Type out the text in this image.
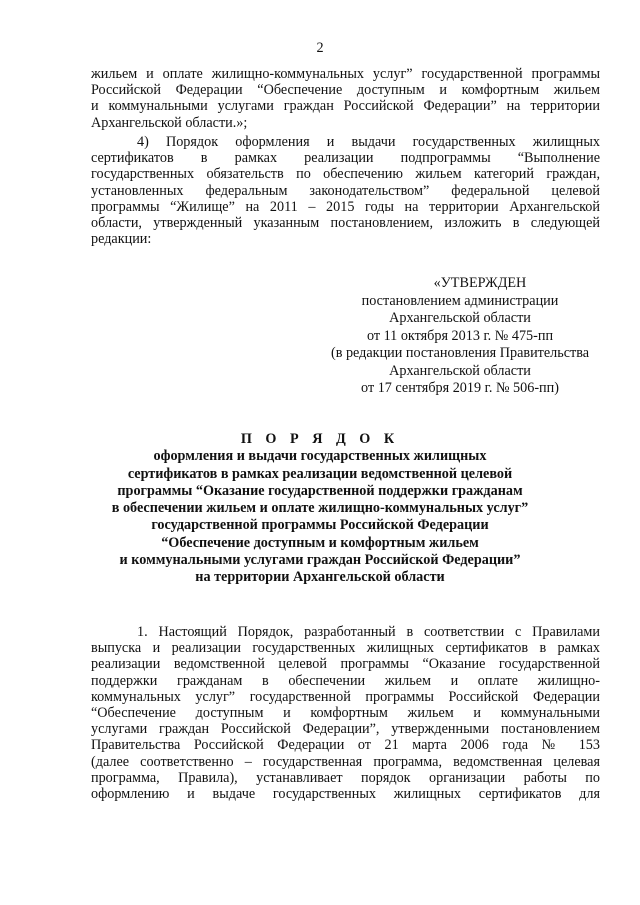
2
жильем и оплате жилищно-коммунальных услуг” государственной программы
Российской Федерации “Обеспечение доступным и комфортным жильем
и коммунальными услугами граждан Российской Федерации” на территории
Архангельской области.»;
4) Порядок оформления и выдачи государственных жилищных
сертификатов в рамках реализации подпрограммы “Выполнение
государственных обязательств по обеспечению жильем категорий граждан,
установленных федеральным законодательством” федеральной целевой
программы “Жилище” на 2011 – 2015 годы на территории Архангельской
области, утвержденный указанным постановлением, изложить в следующей
редакции:
«УТВЕРЖДЕН
постановлением администрации
Архангельской области
от 11 октября 2013 г. № 475-пп
(в редакции постановления Правительства
Архангельской области
от 17 сентября 2019 г. № 506-пп)
П О Р Я Д О К
оформления и выдачи государственных жилищных
сертификатов в рамках реализации ведомственной целевой
программы “Оказание государственной поддержки гражданам
в обеспечении жильем и оплате жилищно-коммунальных услуг”
государственной программы Российской Федерации
“Обеспечение доступным и комфортным жильем
и коммунальными услугами граждан Российской Федерации”
на территории Архангельской области
1. Настоящий Порядок, разработанный в соответствии с Правилами
выпуска и реализации государственных жилищных сертификатов в рамках
реализации ведомственной целевой программы “Оказание государственной
поддержки гражданам в обеспечении жильем и оплате жилищно-
коммунальных услуг” государственной программы Российской Федерации
“Обеспечение доступным и комфортным жильем и коммунальными
услугами граждан Российской Федерации”, утвержденными постановлением
Правительства Российской Федерации от 21 марта 2006 года № 153
(далее соответственно – государственная программа, ведомственная целевая
программа, Правила), устанавливает порядок организации работы по
оформлению и выдаче государственных жилищных сертификатов для
